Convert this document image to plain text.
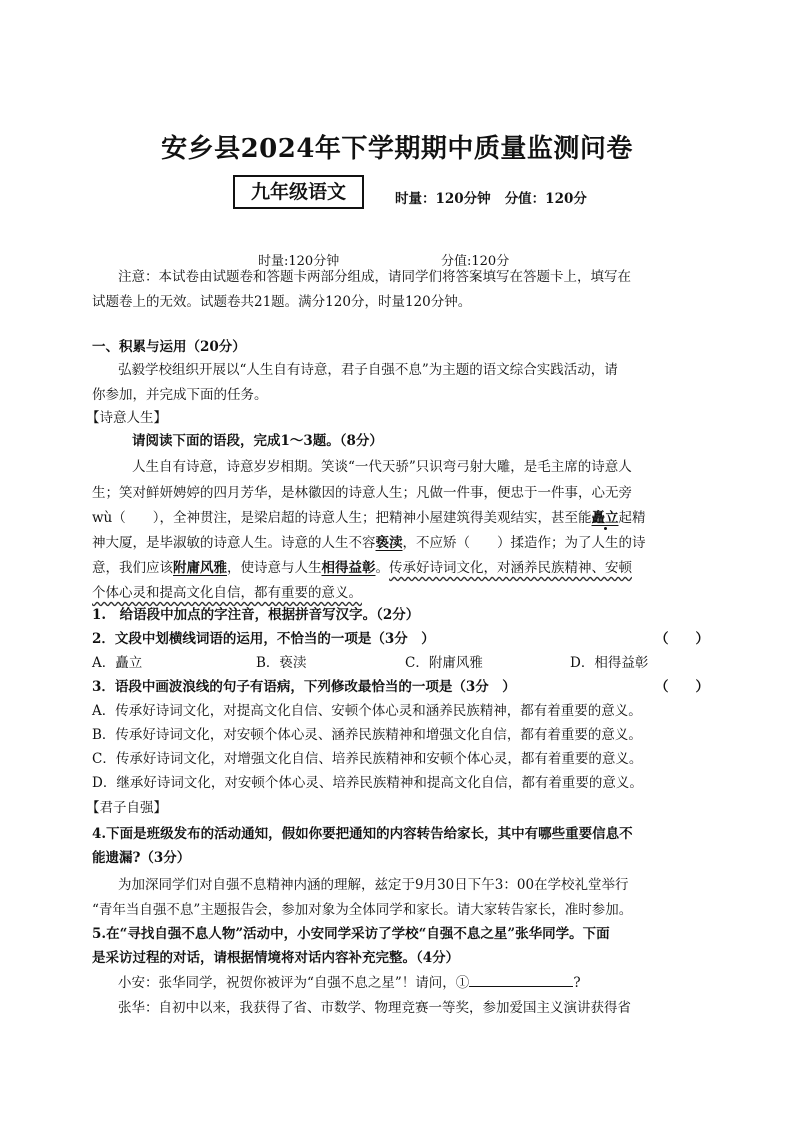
安乡县2024年下学期期中质量监测问卷
九年级语文	时量：120分钟 分值：120分
时量:120分钟	分值:120分
注意：本试卷由试题卷和答题卡两部分组成，请同学们将答案填写在答题卡上，填写在
试题卷上的无效。试题卷共21题。满分120分，时量120分钟。
一、积累与运用（20分）
弘毅学校组织开展以“人生自有诗意，君子自强不息”为主题的语文综合实践活动，请
你参加，并完成下面的任务。
【诗意人生】
请阅读下面的语段，完成1～3题。（8分）
人生自有诗意，诗意岁岁相期。笑谈“一代天骄”只识弯弓射大雕，是毛主席的诗意人
生；笑对鲜妍娉婷的四月芳华，是林徽因的诗意人生；凡做一件事，便忠于一件事，心无旁
wù（　　），全神贯注，是梁启超的诗意人生；把精神小屋建筑得美观结实，甚至能矗立起精
神大厦，是毕淑敏的诗意人生。诗意的人生不容亵渎，不应矫（　　）揉造作；为了人生的诗
意，我们应该附庸风雅，使诗意与人生相得益彰。传承好诗词文化，对涵养民族精神、安顿
个体心灵和提高文化自信，都有重要的意义。
1.　给语段中加点的字注音，根据拼音写汉字。（2分）
2．文段中划横线词语的运用，不恰当的一项是（3分　）	（　　）
A．矗立	B．亵渎	C．附庸风雅	D．相得益彰
3．语段中画波浪线的句子有语病，下列修改最恰当的一项是（3分　）	（　　）
A．传承好诗词文化，对提高文化自信、安顿个体心灵和涵养民族精神，都有着重要的意义。
B．传承好诗词文化，对安顿个体心灵、涵养民族精神和增强文化自信，都有着重要的意义。
C．传承好诗词文化，对增强文化自信、培养民族精神和安顿个体心灵，都有着重要的意义。
D．继承好诗词文化，对安顿个体心灵、培养民族精神和提高文化自信，都有着重要的意义。
【君子自强】
4.下面是班级发布的活动通知，假如你要把通知的内容转告给家长，其中有哪些重要信息不
能遗漏?（3分）
为加深同学们对自强不息精神内涵的理解，兹定于9月30日下午3：00在学校礼堂举行
“青年当自强不息”主题报告会，参加对象为全体同学和家长。请大家转告家长，准时参加。
5.在“寻找自强不息人物”活动中，小安同学采访了学校“自强不息之星”张华同学。下面
是采访过程的对话，请根据情境将对话内容补充完整。（4分）
小安：张华同学，祝贺你被评为“自强不息之星”！请问，①	?
张华：自初中以来，我获得了省、市数学、物理竞赛一等奖，参加爱国主义演讲获得省
